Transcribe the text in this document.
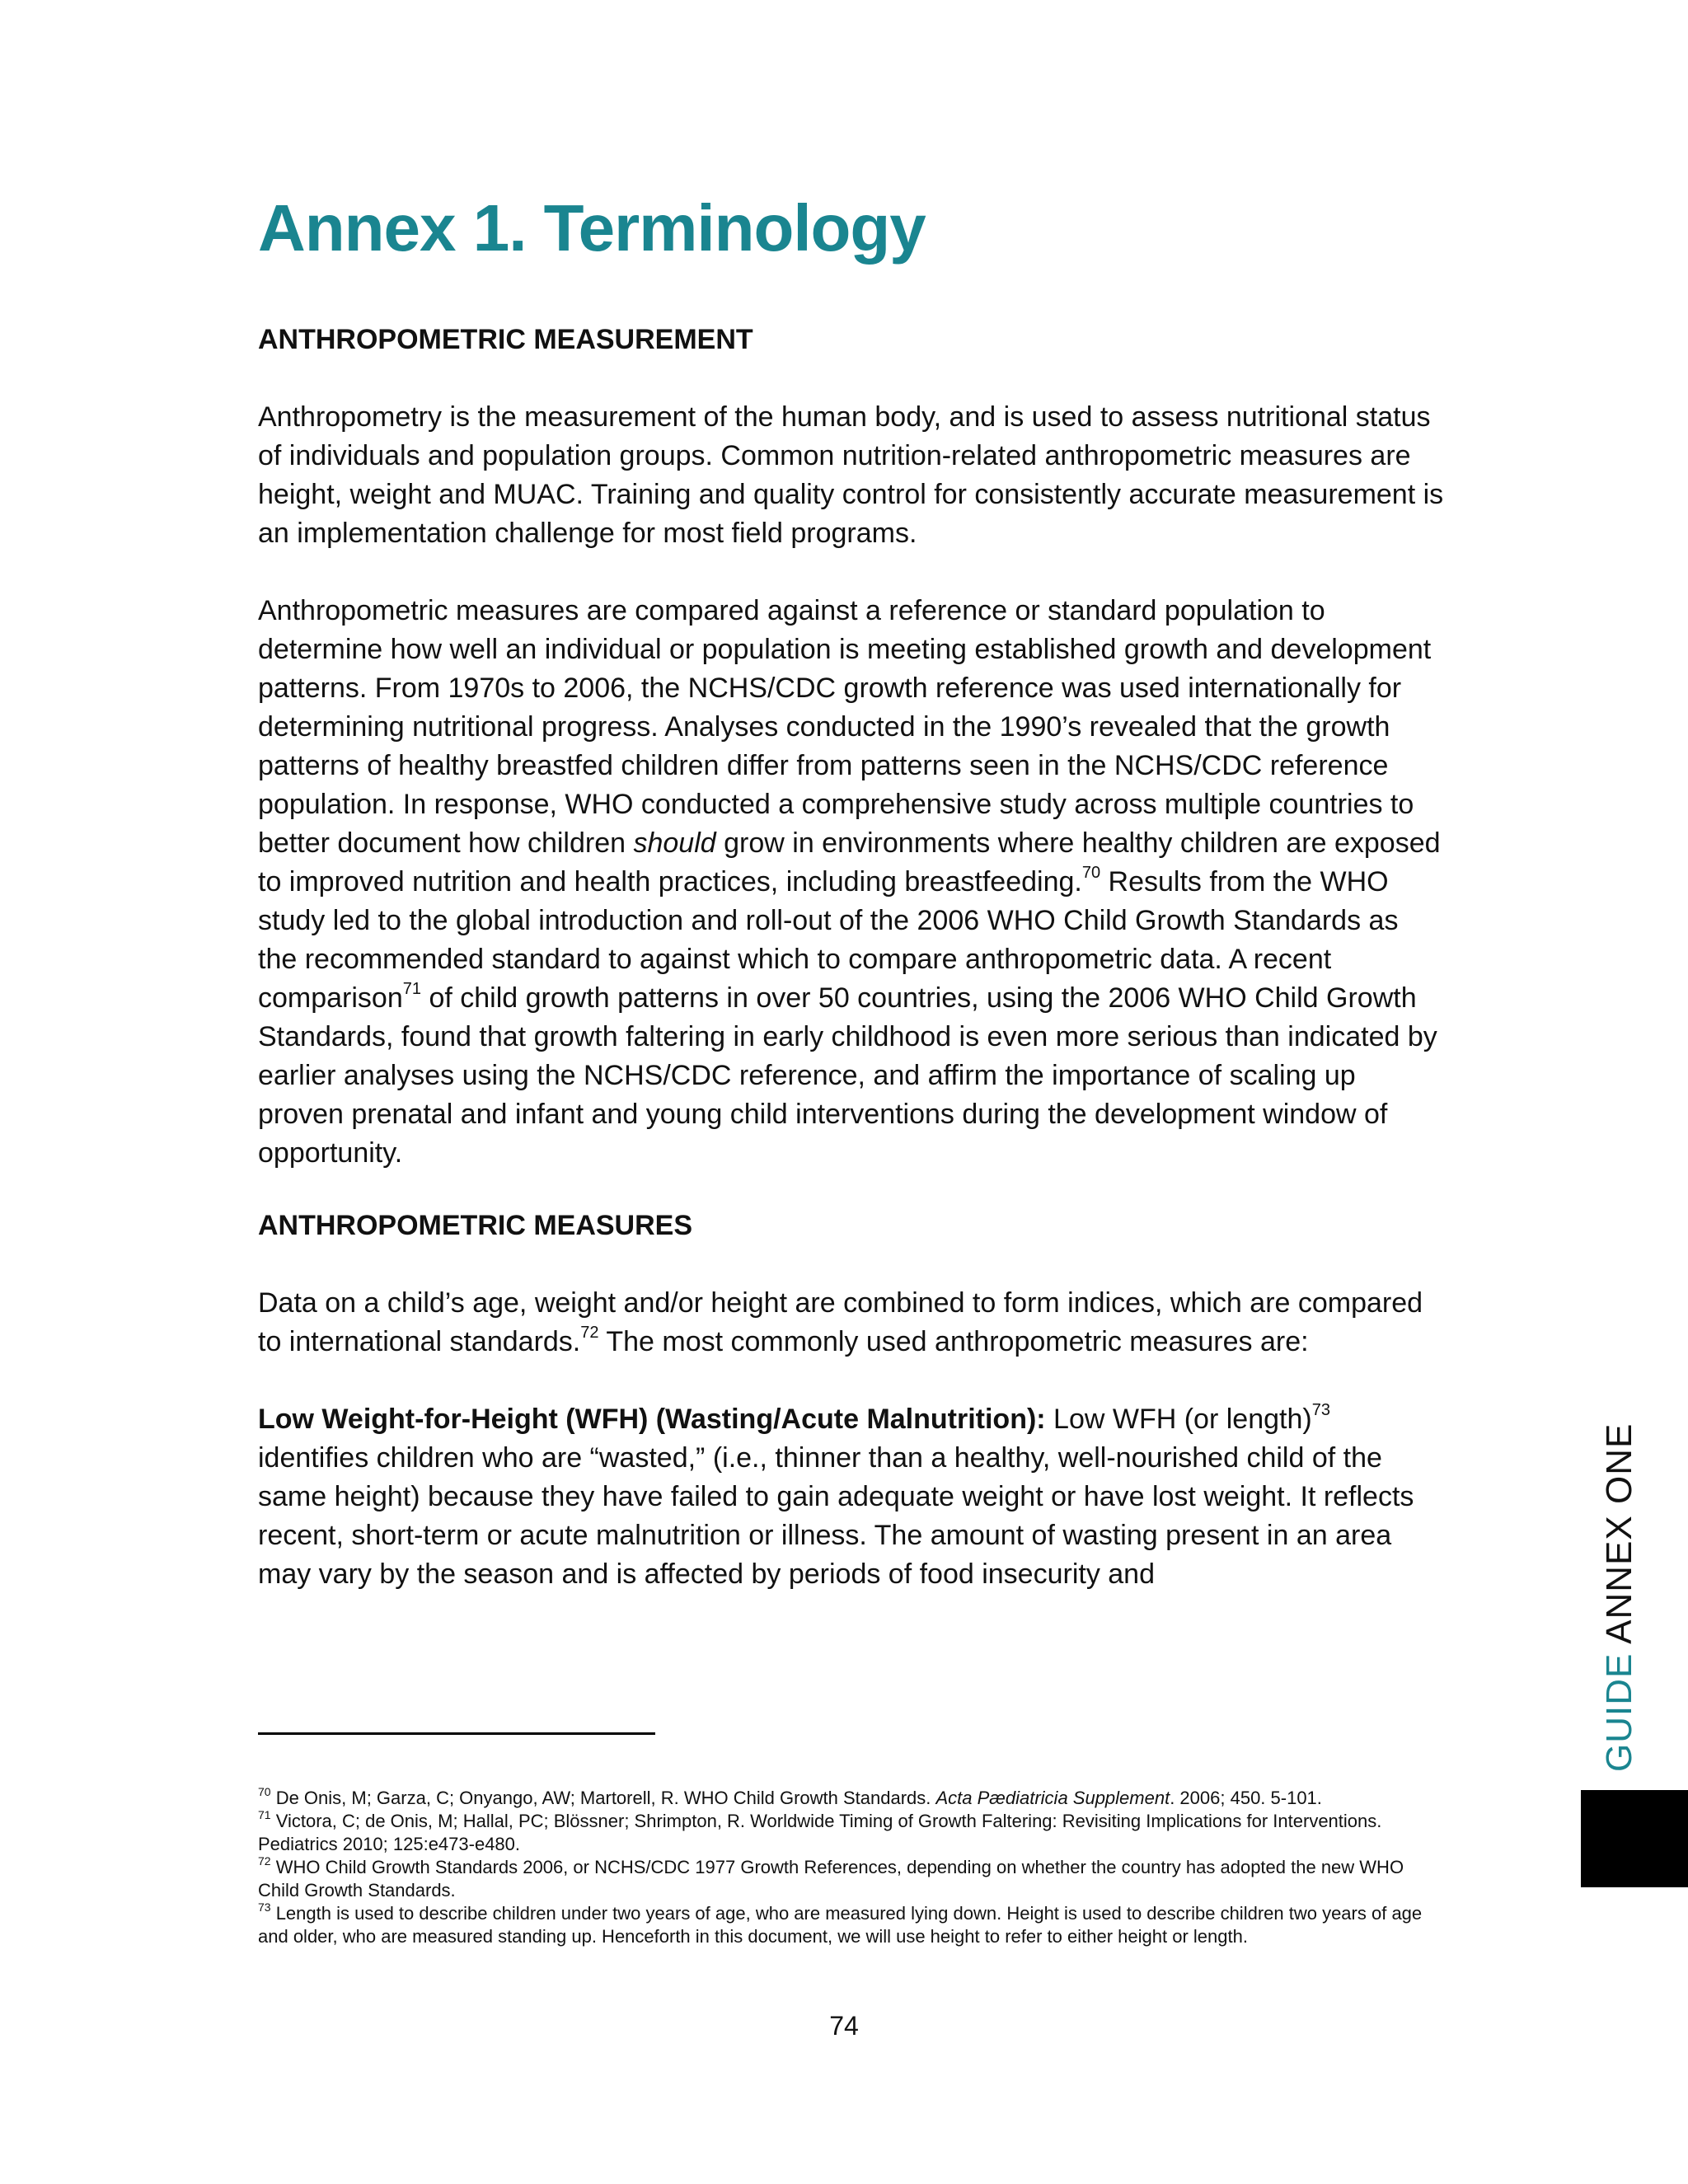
Annex 1. Terminology
ANTHROPOMETRIC MEASUREMENT

Anthropometry is the measurement of the human body, and is used to assess nutritional status of individuals and population groups. Common nutrition-related anthropometric measures are height, weight and MUAC. Training and quality control for consistently accurate measurement is an implementation challenge for most field programs.

Anthropometric measures are compared against a reference or standard population to determine how well an individual or population is meeting established growth and development patterns. From 1970s to 2006, the NCHS/CDC growth reference was used internationally for determining nutritional progress. Analyses conducted in the 1990’s revealed that the growth patterns of healthy breastfed children differ from patterns seen in the NCHS/CDC reference population. In response, WHO conducted a comprehensive study across multiple countries to better document how children should grow in environments where healthy children are exposed to improved nutrition and health practices, including breastfeeding.$^{70}$ Results from the WHO study led to the global introduction and roll-out of the 2006 WHO Child Growth Standards as the recommended standard to against which to compare anthropometric data. A recent comparison$^{71}$ of child growth patterns in over 50 countries, using the 2006 WHO Child Growth Standards, found that growth faltering in early childhood is even more serious than indicated by earlier analyses using the NCHS/CDC reference, and affirm the importance of scaling up proven prenatal and infant and young child interventions during the development window of opportunity.

ANTHROPOMETRIC MEASURES

Data on a child’s age, weight and/or height are combined to form indices, which are compared to international standards.$^{72}$ The most commonly used anthropometric measures are:

Low Weight-for-Height (WFH) (Wasting/Acute Malnutrition): Low WFH (or length)$^{73}$ identifies children who are “wasted,” (i.e., thinner than a healthy, well-nourished child of the same height) because they have failed to gain adequate weight or have lost weight. It reflects recent, short-term or acute malnutrition or illness. The amount of wasting present in an area may vary by the season and is affected by periods of food insecurity and

$^{70}$ De Onis, M; Garza, C; Onyango, AW; Martorell, R. WHO Child Growth Standards. Acta Pædiatricia Supplement. 2006; 450. 5-101.

$^{71}$ Victora, C; de Onis, M; Hallal, PC; Blössner; Shrimpton, R. Worldwide Timing of Growth Faltering: Revisiting Implications for Interventions. Pediatrics 2010; 125:e473-e480.

$^{72}$ WHO Child Growth Standards 2006, or NCHS/CDC 1977 Growth References, depending on whether the country has adopted the new WHO Child Growth Standards.

$^{73}$ Length is used to describe children under two years of age, who are measured lying down. Height is used to describe children two years of age and older, who are measured standing up. Henceforth in this document, we will use height to refer to either height or length.

74
GUIDE ANNEX ONE
